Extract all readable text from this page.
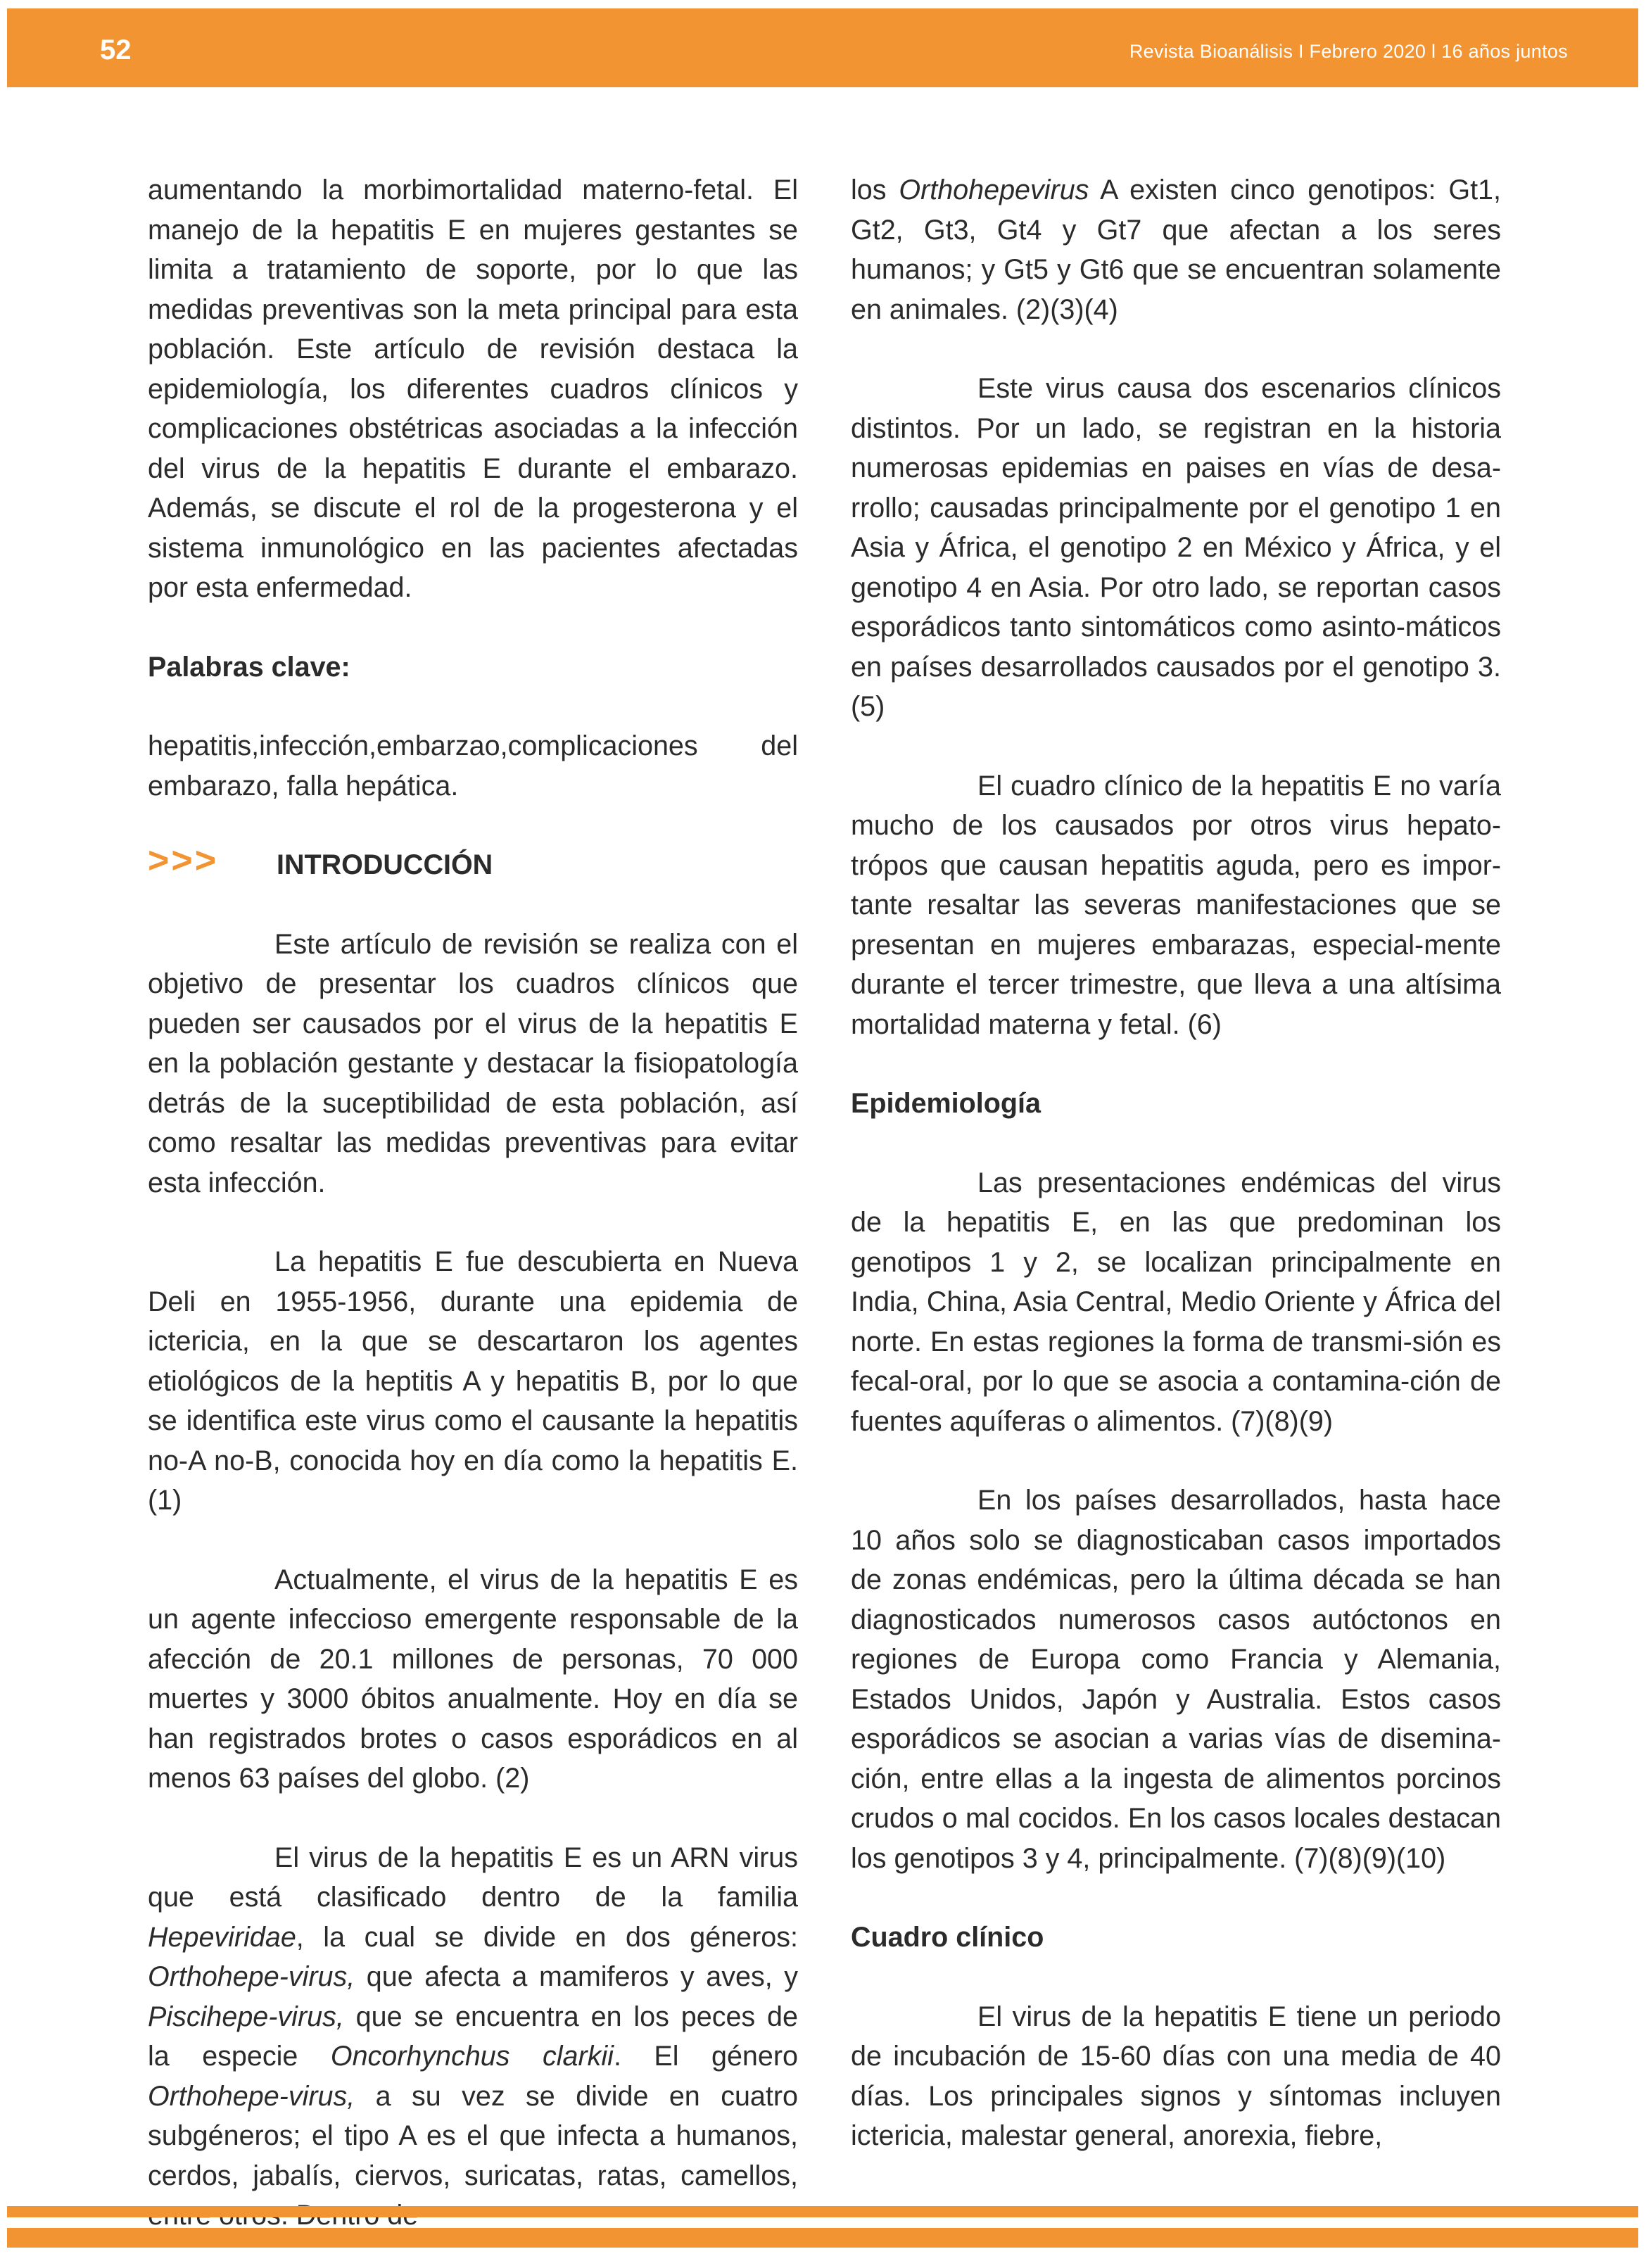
52	Revista Bioanálisis I Febrero 2020 l 16 años juntos

aumentando la morbimortalidad materno-fetal. El manejo de la hepatitis E en mujeres gestantes se limita a tratamiento de soporte, por lo que las medidas preventivas son la meta principal para esta población. Este artículo de revisión destaca la epidemiología, los diferentes cuadros clínicos y complicaciones obstétricas asociadas a la infección del virus de la hepatitis E durante el embarazo. Además, se discute el rol de la progesterona y el sistema inmunológico en las pacientes afectadas por esta enfermedad.

Palabras clave:

hepatitis,infección,embarzao,complicaciones del embarazo, falla hepática.

>>> INTRODUCCIÓN

Este artículo de revisión se realiza con el objetivo de presentar los cuadros clínicos que pueden ser causados por el virus de la hepatitis E en la población gestante y destacar la fisiopatología detrás de la suceptibilidad de esta población, así como resaltar las medidas preventivas para evitar esta infección.

La hepatitis E fue descubierta en Nueva Deli en 1955-1956, durante una epidemia de ictericia, en la que se descartaron los agentes etiológicos de la heptitis A y hepatitis B, por lo que se identifica este virus como el causante la hepatitis no-A no-B, conocida hoy en día como la hepatitis E. (1)

Actualmente, el virus de la hepatitis E es un agente infeccioso emergente responsable de la afección de 20.1 millones de personas, 70 000 muertes y 3000 óbitos anualmente. Hoy en día se han registrados brotes o casos esporádicos en al menos 63 países del globo. (2)

El virus de la hepatitis E es un ARN virus que está clasificado dentro de la familia Hepeviridae, la cual se divide en dos géneros: Orthohepe-virus, que afecta a mamiferos y aves, y Piscihepe-virus, que se encuentra en los peces de la especie Oncorhynchus clarkii. El género Orthohepe-virus, a su vez se divide en cuatro subgéneros; el tipo A es el que infecta a humanos, cerdos, jabalís, ciervos, suricatas, ratas, camellos,

los Orthohepevirus A existen cinco genotipos: Gt1, Gt2, Gt3, Gt4 y Gt7 que afectan a los seres humanos; y Gt5 y Gt6 que se encuentran solamente en animales. (2)(3)(4)

Este virus causa dos escenarios clínicos distintos. Por un lado, se registran en la historia numerosas epidemias en paises en vías de desa-rrollo; causadas principalmente por el genotipo 1 en Asia y África, el genotipo 2 en México y África, y el genotipo 4 en Asia. Por otro lado, se reportan casos esporádicos tanto sintomáticos como asinto-máticos en países desarrollados causados por el genotipo 3. (5)

El cuadro clínico de la hepatitis E no varía mucho de los causados por otros virus hepato-trópos que causan hepatitis aguda, pero es impor-tante resaltar las severas manifestaciones que se presentan en mujeres embarazas, especial-mente durante el tercer trimestre, que lleva a una altísima mortalidad materna y fetal. (6)

Epidemiología

Las presentaciones endémicas del virus de la hepatitis E, en las que predominan los genotipos 1 y 2, se localizan principalmente en India, China, Asia Central, Medio Oriente y África del norte. En estas regiones la forma de transmi-sión es fecal-oral, por lo que se asocia a contamina-ción de fuentes aquíferas o alimentos. (7)(8)(9)

En los países desarrollados, hasta hace 10 años solo se diagnosticaban casos importados de zonas endémicas, pero la última década se han diagnosticados numerosos casos autóctonos en regiones de Europa como Francia y Alemania, Estados Unidos, Japón y Australia. Estos casos esporádicos se asocian a varias vías de disemina-ción, entre ellas a la ingesta de alimentos porcinos crudos o mal cocidos. En los casos locales destacan los genotipos 3 y 4, principalmente. (7)(8)(9)(10)

Cuadro clínico

El virus de la hepatitis E tiene un periodo de incubación de 15-60 días con una media de 40 días. Los principales signos y síntomas incluyen ictericia, malestar general, anorexia, fiebre,
